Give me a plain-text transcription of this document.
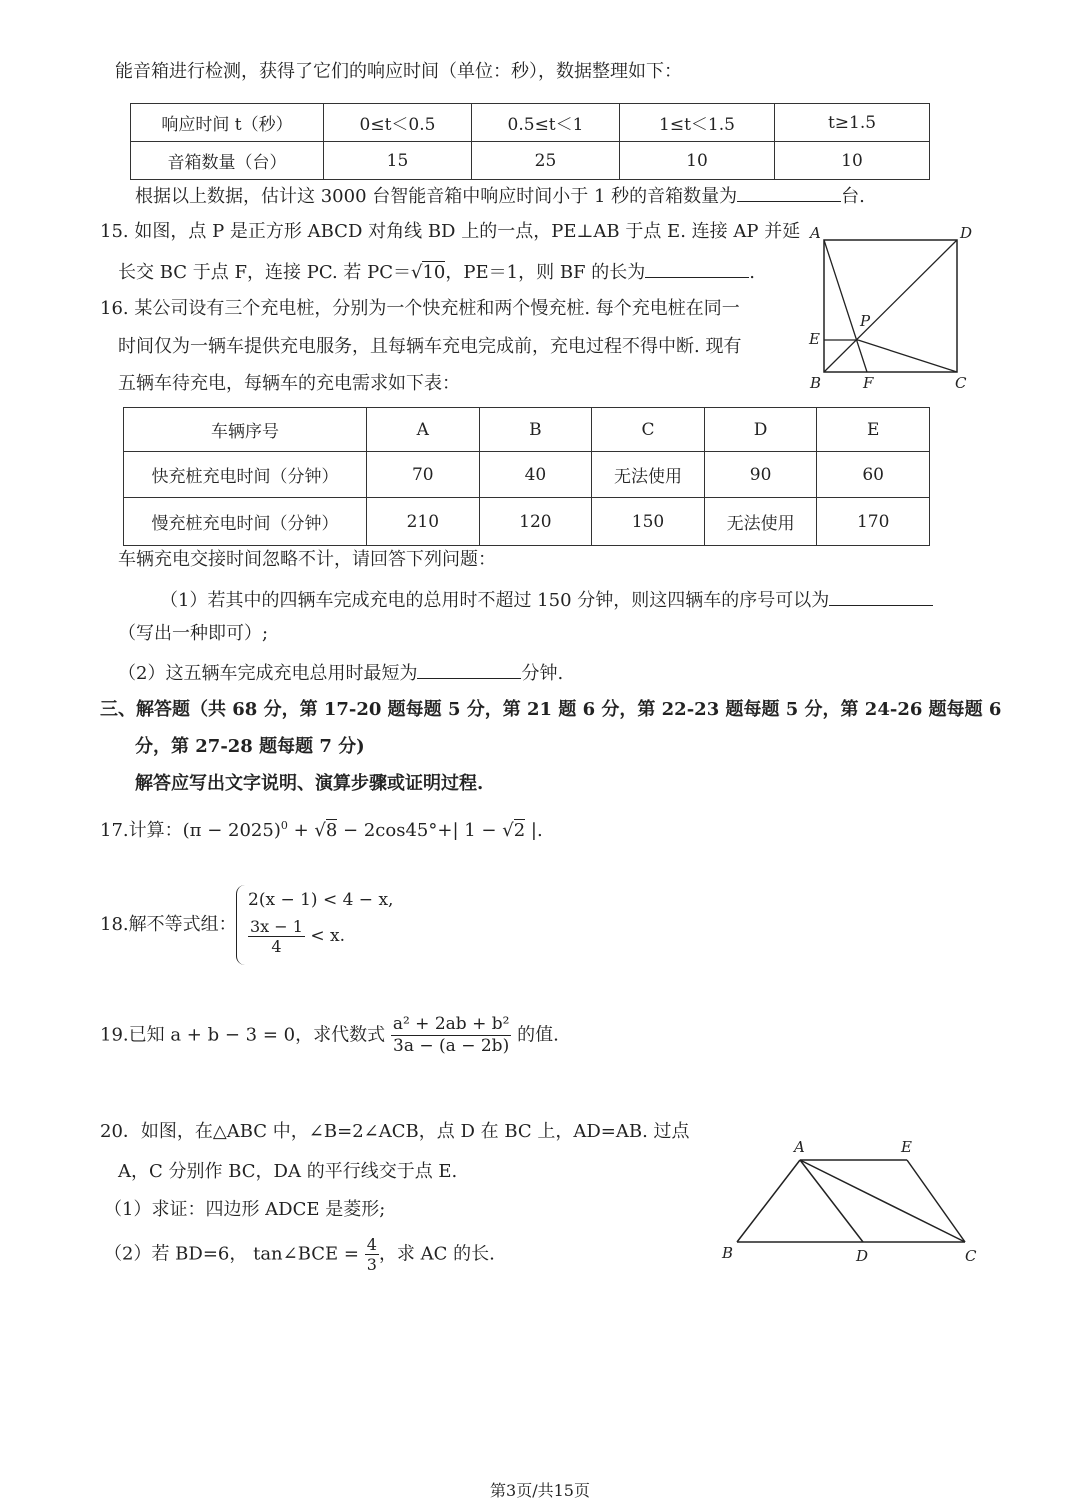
能音箱进行检测，获得了它们的响应时间（单位：秒），数据整理如下：
响应时间 t（秒）	0≤t＜0.5	0.5≤t＜1	1≤t＜1.5	t≥1.5
音箱数量（台）	15	25	10	10
根据以上数据，估计这 3000 台智能音箱中响应时间小于 1 秒的音箱数量为	台.
15. 如图，点 P 是正方形 ABCD 对角线 BD 上的一点，PE⊥AB 于点 E. 连接 AP 并延
长交 BC 于点 F，连接 PC. 若 PC＝√10，PE＝1，则 BF 的长为	.
A	D
P
E
B	F	C
16. 某公司设有三个充电桩，分别为一个快充桩和两个慢充桩. 每个充电桩在同一
时间仅为一辆车提供充电服务，且每辆车充电完成前，充电过程不得中断. 现有
五辆车待充电，每辆车的充电需求如下表：
车辆序号	A	B	C	D	E
快充桩充电时间（分钟）	70	40	无法使用	90	60
慢充桩充电时间（分钟）	210	120	150	无法使用	170
车辆充电交接时间忽略不计，请回答下列问题：
（1）若其中的四辆车完成充电的总用时不超过 150 分钟，则这四辆车的序号可以为
（写出一种即可）;
（2）这五辆车完成充电总用时最短为	分钟.
三、解答题（共 68 分，第 17-20 题每题 5 分，第 21 题 6 分，第 22-23 题每题 5 分，第 24-26 题每题 6
分，第 27-28 题每题 7 分)
解答应写出文字说明、演算步骤或证明过程.
17.计算：$(\pi - 2025)^0 + √8 - 2\cos 45^\circ+|$ 1 − √2 |.
18.解不等式组：
2(x − 1) < 4 − x,
$\frac{3x - 1}{4} < x$.
19.已知 a + b − 3 = 0，求代数式 $\frac{\text{a² + 2ab + b²}}{3a - (a - 2b)}$ 的值.
20．如图，在△ABC 中，∠B=2∠ACB，点 D 在 BC 上，AD=AB. 过点
A，C 分别作 BC，DA 的平行线交于点 E.
（1）求证：四边形 ADCE 是菱形;
（2）若 BD=6， tan∠BCE = $\frac{4}{3}$ ，求 AC 的长.
A	E
B	D	C
第3页/共15页
